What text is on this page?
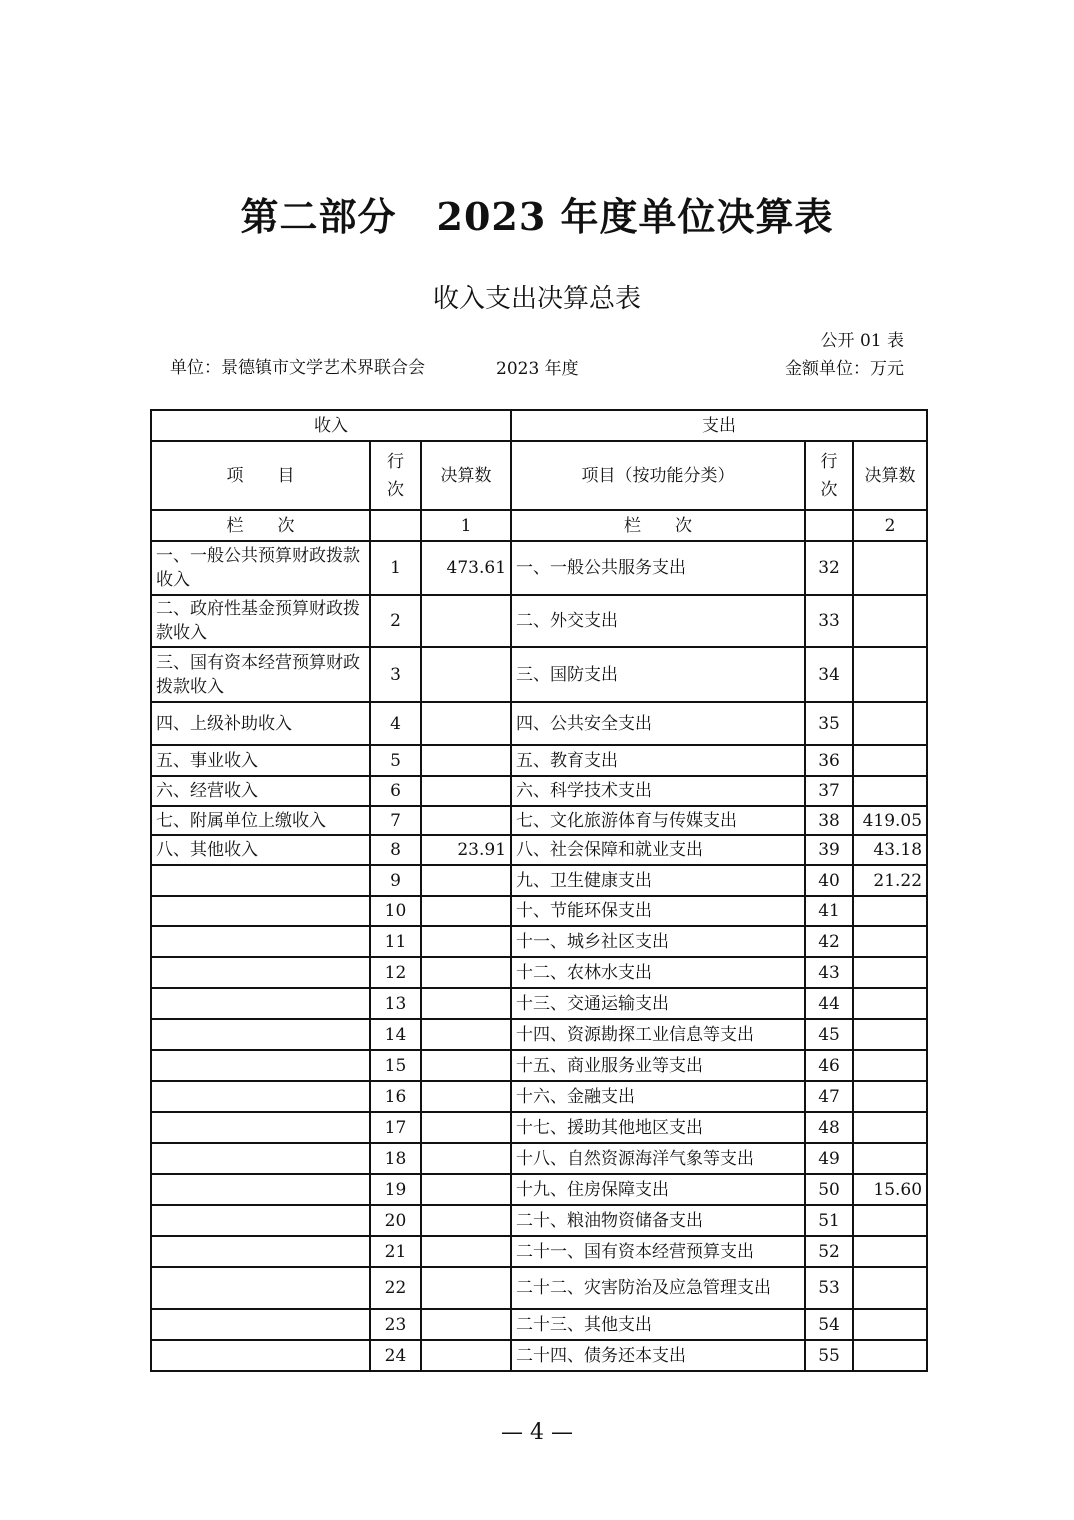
第二部分 2023 年度单位决算表
收入支出决算总表
公开 01 表
单位：景德镇市文学艺术界联合会	2023 年度	金额单位：万元
收入			支出		
项　　目	行次	决算数	项目（按功能分类）	行次	决算数
栏　　次		1	栏　　次		2
一、一般公共预算财政拨款收入	1	473.61	一、一般公共服务支出	32	
二、政府性基金预算财政拨款收入	2		二、外交支出	33	
三、国有资本经营预算财政拨款收入	3		三、国防支出	34	
四、上级补助收入	4		四、公共安全支出	35	
五、事业收入	5		五、教育支出	36	
六、经营收入	6		六、科学技术支出	37	
七、附属单位上缴收入	7		七、文化旅游体育与传媒支出	38	419.05
八、其他收入	8	23.91	八、社会保障和就业支出	39	43.18
	9		九、卫生健康支出	40	21.22
	10		十、节能环保支出	41	
	11		十一、城乡社区支出	42	
	12		十二、农林水支出	43	
	13		十三、交通运输支出	44	
	14		十四、资源勘探工业信息等支出	45	
	15		十五、商业服务业等支出	46	
	16		十六、金融支出	47	
	17		十七、援助其他地区支出	48	
	18		十八、自然资源海洋气象等支出	49	
	19		十九、住房保障支出	50	15.60
	20		二十、粮油物资储备支出	51	
	21		二十一、国有资本经营预算支出	52	
	22		二十二、灾害防治及应急管理支出	53	
	23		二十三、其他支出	54	
	24		二十四、债务还本支出	55	
— 4 —
